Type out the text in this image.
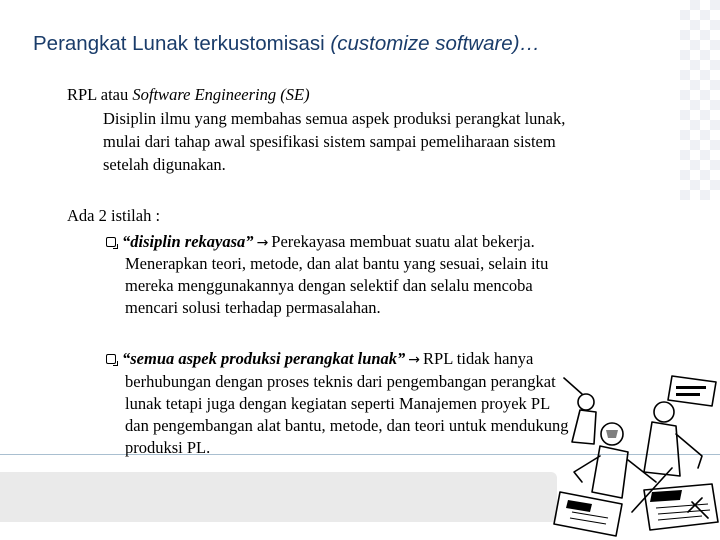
Perangkat Lunak terkustomisasi (customize software)…
RPL atau Software Engineering (SE)
Disiplin ilmu yang membahas semua aspek produksi perangkat lunak,
mulai dari tahap awal spesifikasi sistem sampai pemeliharaan sistem
setelah digunakan.
Ada 2 istilah :
“disiplin rekayasa” → Perekayasa membuat suatu alat bekerja.
Menerapkan teori, metode, dan alat bantu yang sesuai, selain itu
mereka menggunakannya dengan selektif dan selalu mencoba
mencari solusi terhadap permasalahan.
“semua aspek produksi perangkat lunak” → RPL tidak hanya
berhubungan dengan proses teknis dari pengembangan perangkat
lunak tetapi juga dengan kegiatan seperti Manajemen proyek PL
dan pengembangan alat bantu, metode, dan teori untuk mendukung
produksi PL.
